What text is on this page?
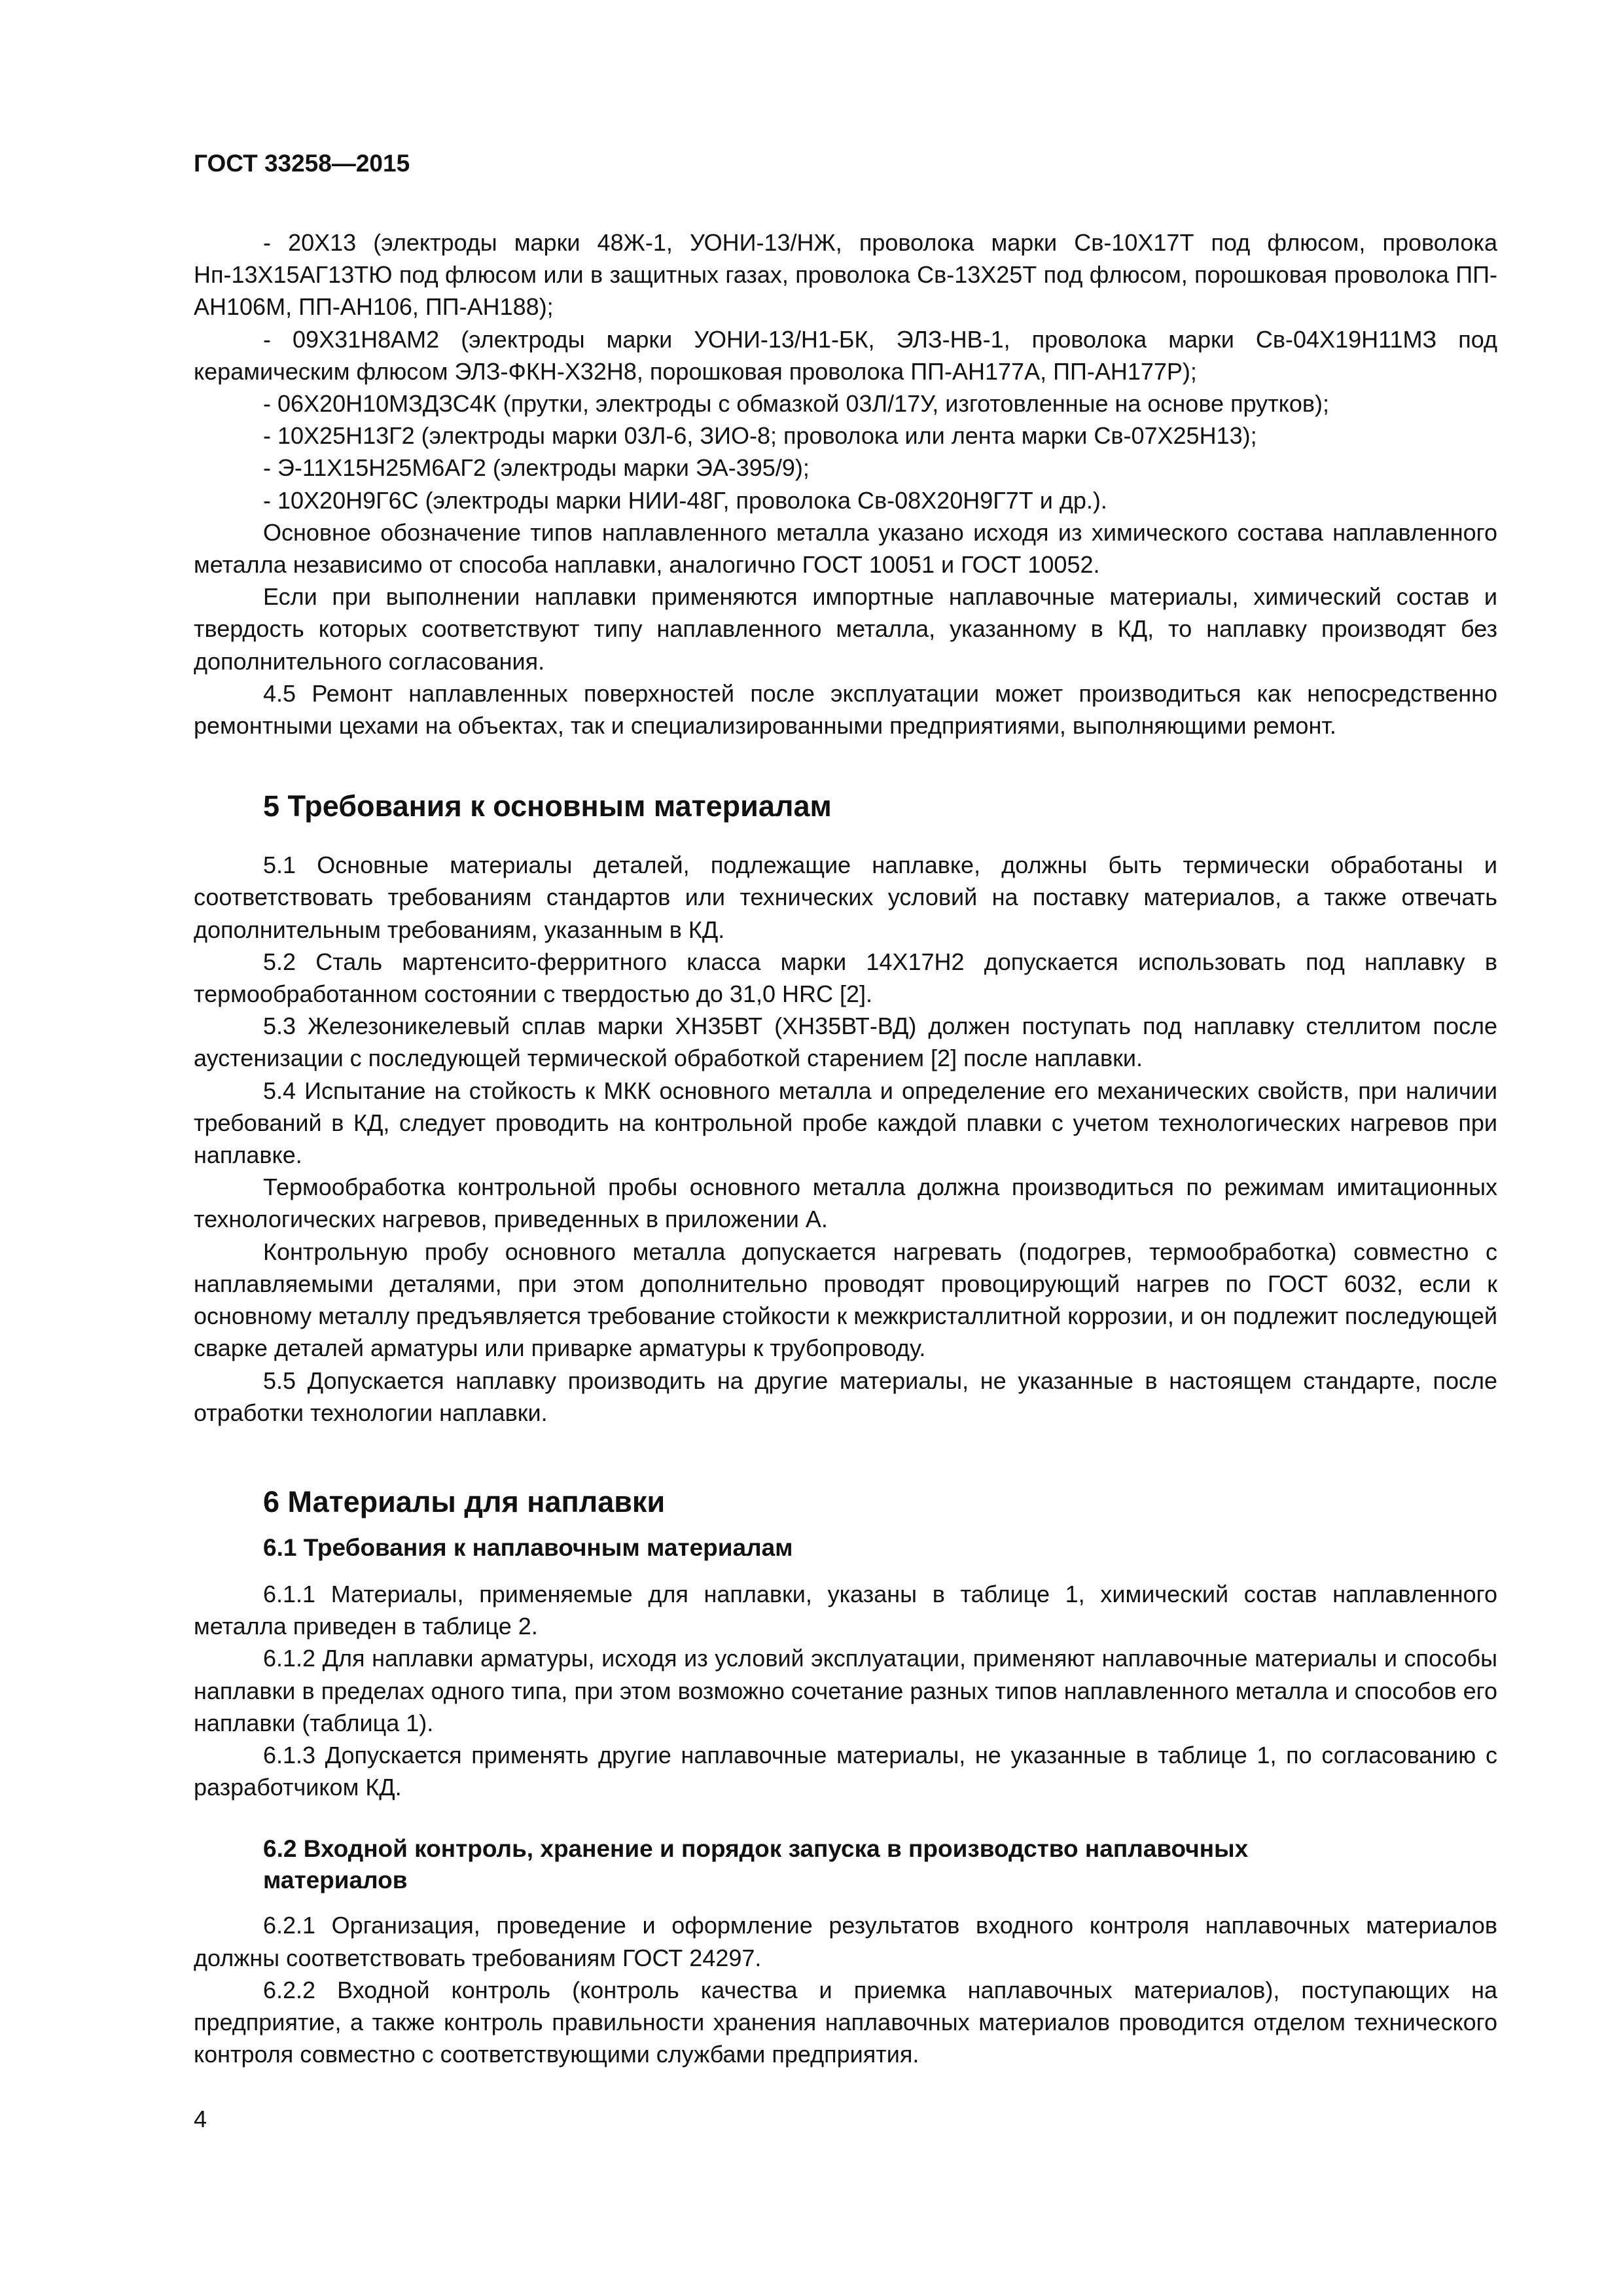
ГОСТ 33258—2015

- 20Х13 (электроды марки 48Ж-1, УОНИ-13/НЖ, проволока марки Св-10Х17Т под флюсом, проволока Нп-13Х15АГ13ТЮ под флюсом или в защитных газах, проволока Св-13Х25Т под флюсом, порошковая проволока ПП-АН106М, ПП-АН106, ПП-АН188);

- 09Х31Н8АМ2 (электроды марки УОНИ-13/Н1-БК, ЭЛЗ-НВ-1, проволока марки Св-04Х19Н11МЗ под керамическим флюсом ЭЛЗ-ФКН-Х32Н8, порошковая проволока ПП-АН177А, ПП-АН177Р);

- 06Х20Н10МЗДЗС4К (прутки, электроды с обмазкой 03Л/17У, изготовленные на основе прутков);

- 10Х25Н13Г2 (электроды марки 03Л-6, ЗИО-8; проволока или лента марки Св-07Х25Н13);

- Э-11Х15Н25М6АГ2 (электроды марки ЭА-395/9);

- 10Х20Н9Г6С (электроды марки НИИ-48Г, проволока Св-08Х20Н9Г7Т и др.).

Основное обозначение типов наплавленного металла указано исходя из химического состава наплавленного металла независимо от способа наплавки, аналогично ГОСТ 10051 и ГОСТ 10052.

Если при выполнении наплавки применяются импортные наплавочные материалы, химический состав и твердость которых соответствуют типу наплавленного металла, указанному в КД, то наплавку производят без дополнительного согласования.

4.5 Ремонт наплавленных поверхностей после эксплуатации может производиться как непосредственно ремонтными цехами на объектах, так и специализированными предприятиями, выполняющими ремонт.

5 Требования к основным материалам

5.1 Основные материалы деталей, подлежащие наплавке, должны быть термически обработаны и соответствовать требованиям стандартов или технических условий на поставку материалов, а также отвечать дополнительным требованиям, указанным в КД.

5.2 Сталь мартенсито-ферритного класса марки 14Х17Н2 допускается использовать под наплавку в термообработанном состоянии с твердостью до 31,0 HRC [2].

5.3 Железоникелевый сплав марки ХН35ВТ (ХН35ВТ-ВД) должен поступать под наплавку стеллитом после аустенизации с последующей термической обработкой старением [2] после наплавки.

5.4 Испытание на стойкость к МКК основного металла и определение его механических свойств, при наличии требований в КД, следует проводить на контрольной пробе каждой плавки с учетом технологических нагревов при наплавке.

Термообработка контрольной пробы основного металла должна производиться по режимам имитационных технологических нагревов, приведенных в приложении А.

Контрольную пробу основного металла допускается нагревать (подогрев, термообработка) совместно с наплавляемыми деталями, при этом дополнительно проводят провоцирующий нагрев по ГОСТ 6032, если к основному металлу предъявляется требование стойкости к межкристаллитной коррозии, и он подлежит последующей сварке деталей арматуры или приварке арматуры к трубопроводу.

5.5 Допускается наплавку производить на другие материалы, не указанные в настоящем стандарте, после отработки технологии наплавки.

6 Материалы для наплавки
6.1 Требования к наплавочным материалам

6.1.1 Материалы, применяемые для наплавки, указаны в таблице 1, химический состав наплавленного металла приведен в таблице 2.

6.1.2 Для наплавки арматуры, исходя из условий эксплуатации, применяют наплавочные материалы и способы наплавки в пределах одного типа, при этом возможно сочетание разных типов наплавленного металла и способов его наплавки (таблица 1).

6.1.3 Допускается применять другие наплавочные материалы, не указанные в таблице 1, по согласованию с разработчиком КД.

6.2 Входной контроль, хранение и порядок запуска в производство наплавочных
материалов

6.2.1 Организация, проведение и оформление результатов входного контроля наплавочных материалов должны соответствовать требованиям ГОСТ 24297.

6.2.2 Входной контроль (контроль качества и приемка наплавочных материалов), поступающих на предприятие, а также контроль правильности хранения наплавочных материалов проводится отделом технического контроля совместно с соответствующими службами предприятия.

4
